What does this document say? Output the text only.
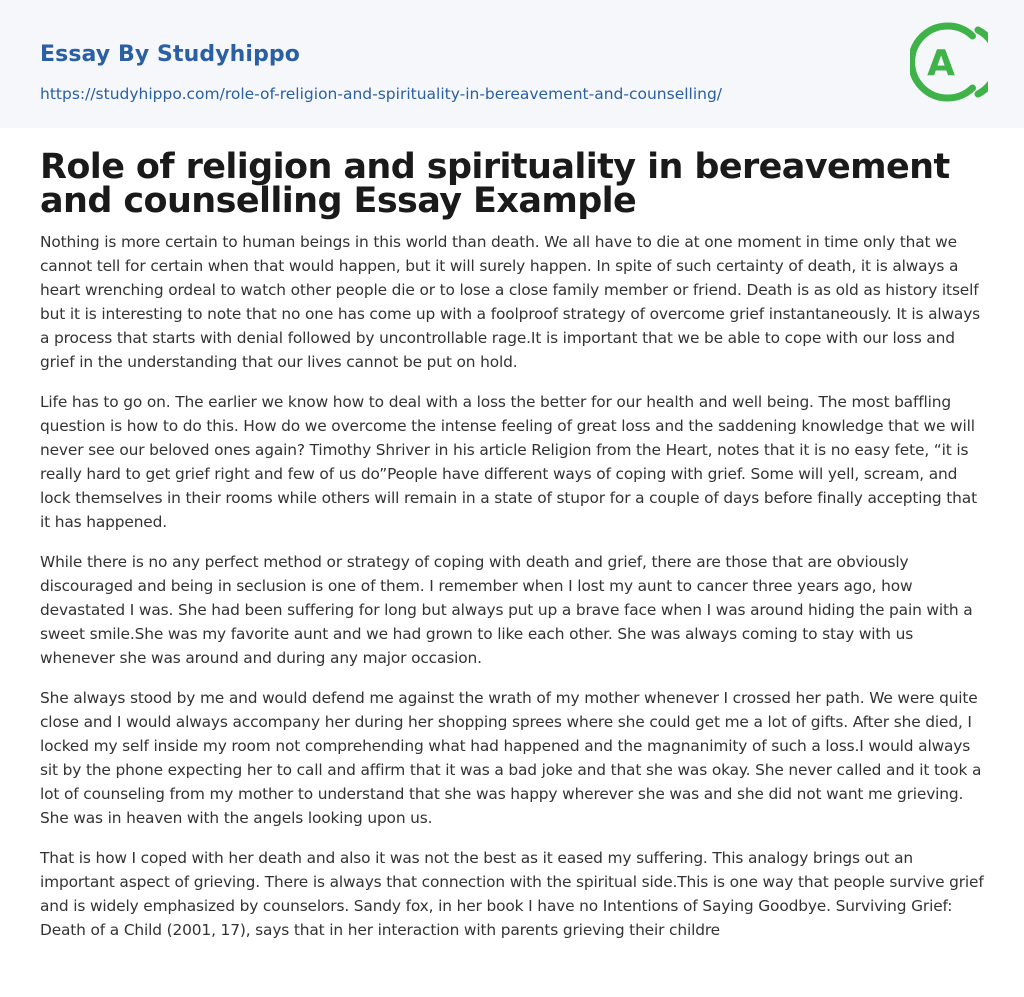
Essay By Studyhippo
https://studyhippo.com/role-of-religion-and-spirituality-in-bereavement-and-counselling/
A
Role of religion and spirituality in bereavement and counselling Essay Example

Nothing is more certain to human beings in this world than death. We all have to die at one moment in time only that we cannot tell for certain when that would happen, but it will surely happen. In spite of such certainty of death, it is always a heart wrenching ordeal to watch other people die or to lose a close family member or friend. Death is as old as history itself but it is interesting to note that no one has come up with a foolproof strategy of overcome grief instantaneously. It is always a process that starts with denial followed by uncontrollable rage.It is important that we be able to cope with our loss and grief in the understanding that our lives cannot be put on hold.

Life has to go on. The earlier we know how to deal with a loss the better for our health and well being. The most baffling question is how to do this. How do we overcome the intense feeling of great loss and the saddening knowledge that we will never see our beloved ones again? Timothy Shriver in his article Religion from the Heart, notes that it is no easy fete, “it is really hard to get grief right and few of us do”People have different ways of coping with grief. Some will yell, scream, and lock themselves in their rooms while others will remain in a state of stupor for a couple of days before finally accepting that it has happened.

While there is no any perfect method or strategy of coping with death and grief, there are those that are obviously discouraged and being in seclusion is one of them. I remember when I lost my aunt to cancer three years ago, how devastated I was. She had been suffering for long but always put up a brave face when I was around hiding the pain with a sweet smile.She was my favorite aunt and we had grown to like each other. She was always coming to stay with us whenever she was around and during any major occasion.

She always stood by me and would defend me against the wrath of my mother whenever I crossed her path. We were quite close and I would always accompany her during her shopping sprees where she could get me a lot of gifts. After she died, I locked my self inside my room not comprehending what had happened and the magnanimity of such a loss.I would always sit by the phone expecting her to call and affirm that it was a bad joke and that she was okay. She never called and it took a lot of counseling from my mother to understand that she was happy wherever she was and she did not want me grieving. She was in heaven with the angels looking upon us.

That is how I coped with her death and also it was not the best as it eased my suffering. This analogy brings out an important aspect of grieving. There is always that connection with the spiritual side.This is one way that people survive grief and is widely emphasized by counselors. Sandy fox, in her book I have no Intentions of Saying Goodbye. Surviving Grief: Death of a Child (2001, 17), says that in her interaction with parents grieving their childre
